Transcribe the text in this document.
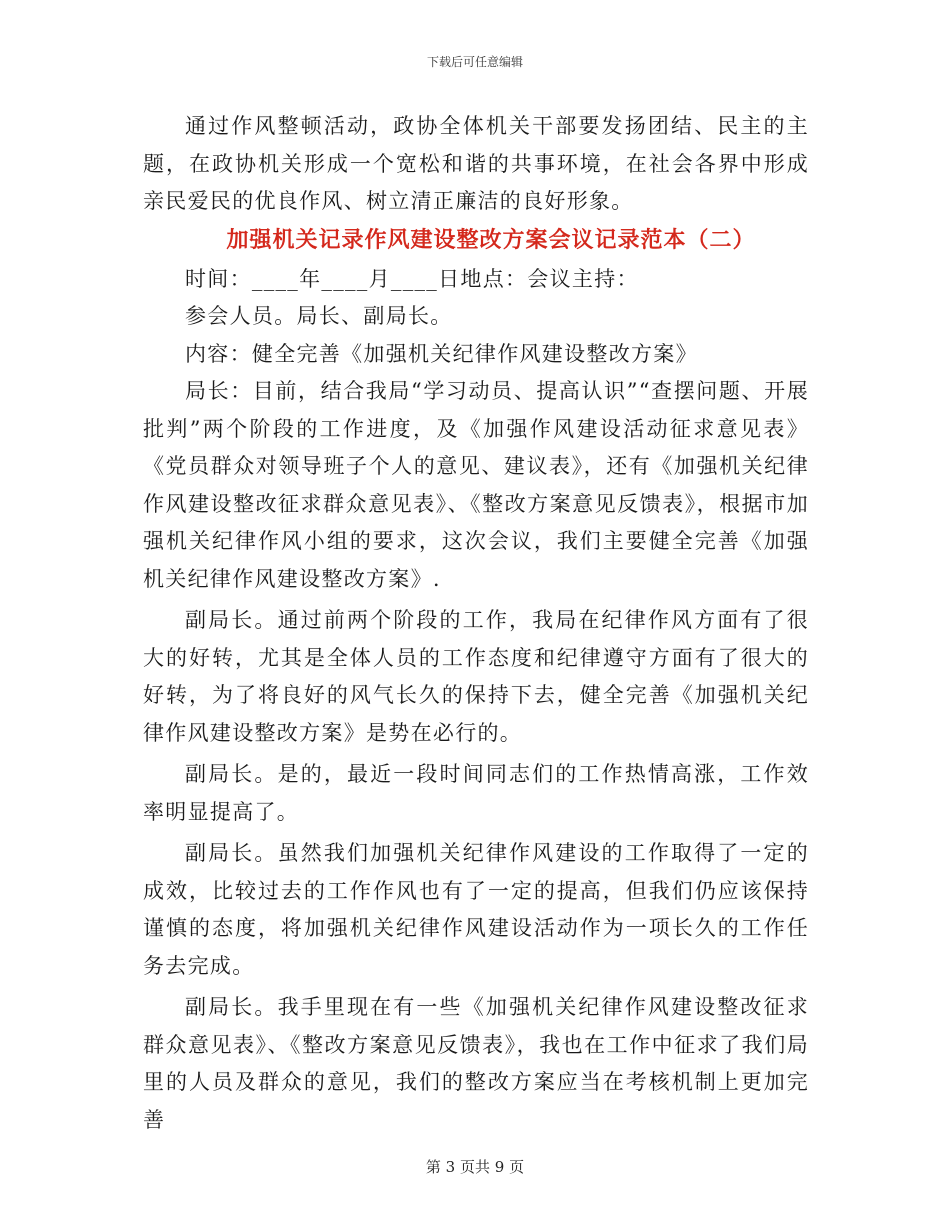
下载后可任意编辑

通过作风整顿活动，政协全体机关干部要发扬团结、民主的主题，在政协机关形成一个宽松和谐的共事环境，在社会各界中形成亲民爱民的优良作风、树立清正廉洁的良好形象。

加强机关记录作风建设整改方案会议记录范本（二）

时间：____年____月____日地点：会议主持：

参会人员。局长、副局长。

内容：健全完善《加强机关纪律作风建设整改方案》

局长：目前，结合我局“学习动员、提高认识”“查摆问题、开展批判”两个阶段的工作进度，及《加强作风建设活动征求意见表》《党员群众对领导班子个人的意见、建议表》，还有《加强机关纪律作风建设整改征求群众意见表》、《整改方案意见反馈表》，根据市加强机关纪律作风小组的要求，这次会议，我们主要健全完善《加强机关纪律作风建设整改方案》.

副局长。通过前两个阶段的工作，我局在纪律作风方面有了很大的好转，尤其是全体人员的工作态度和纪律遵守方面有了很大的好转，为了将良好的风气长久的保持下去，健全完善《加强机关纪律作风建设整改方案》是势在必行的。

副局长。是的，最近一段时间同志们的工作热情高涨，工作效率明显提高了。

副局长。虽然我们加强机关纪律作风建设的工作取得了一定的成效，比较过去的工作作风也有了一定的提高，但我们仍应该保持谨慎的态度，将加强机关纪律作风建设活动作为一项长久的工作任务去完成。

副局长。我手里现在有一些《加强机关纪律作风建设整改征求群众意见表》、《整改方案意见反馈表》，我也在工作中征求了我们局里的人员及群众的意见，我们的整改方案应当在考核机制上更加完善

第 3 页共 9 页
